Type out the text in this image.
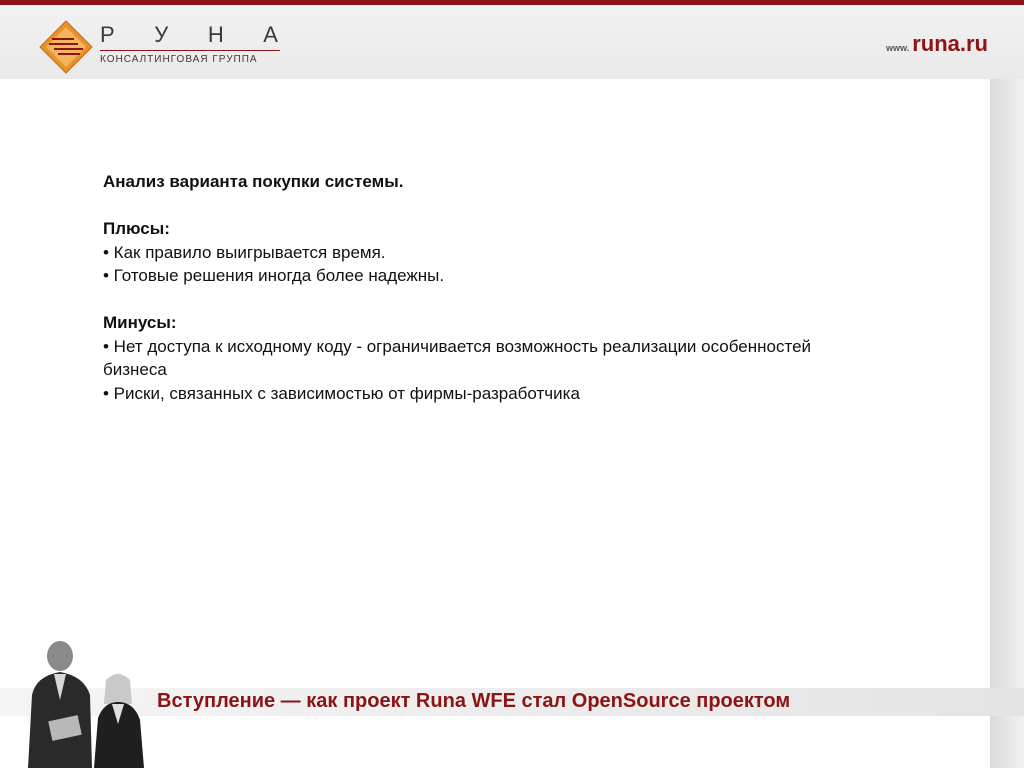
Р У Н А
КОНСАЛТИНГОВАЯ ГРУППА
www. runa.ru

Анализ варианта покупки системы.

Плюсы:

• Как правило выигрывается время.

• Готовые решения иногда более надежны.

Минусы:

• Нет доступа к исходному коду - ограничивается возможность реализации особенностей бизнеса

• Риски, связанных с зависимостью от фирмы-разработчика

Вступление — как проект Runa WFE стал OpenSource проектом
